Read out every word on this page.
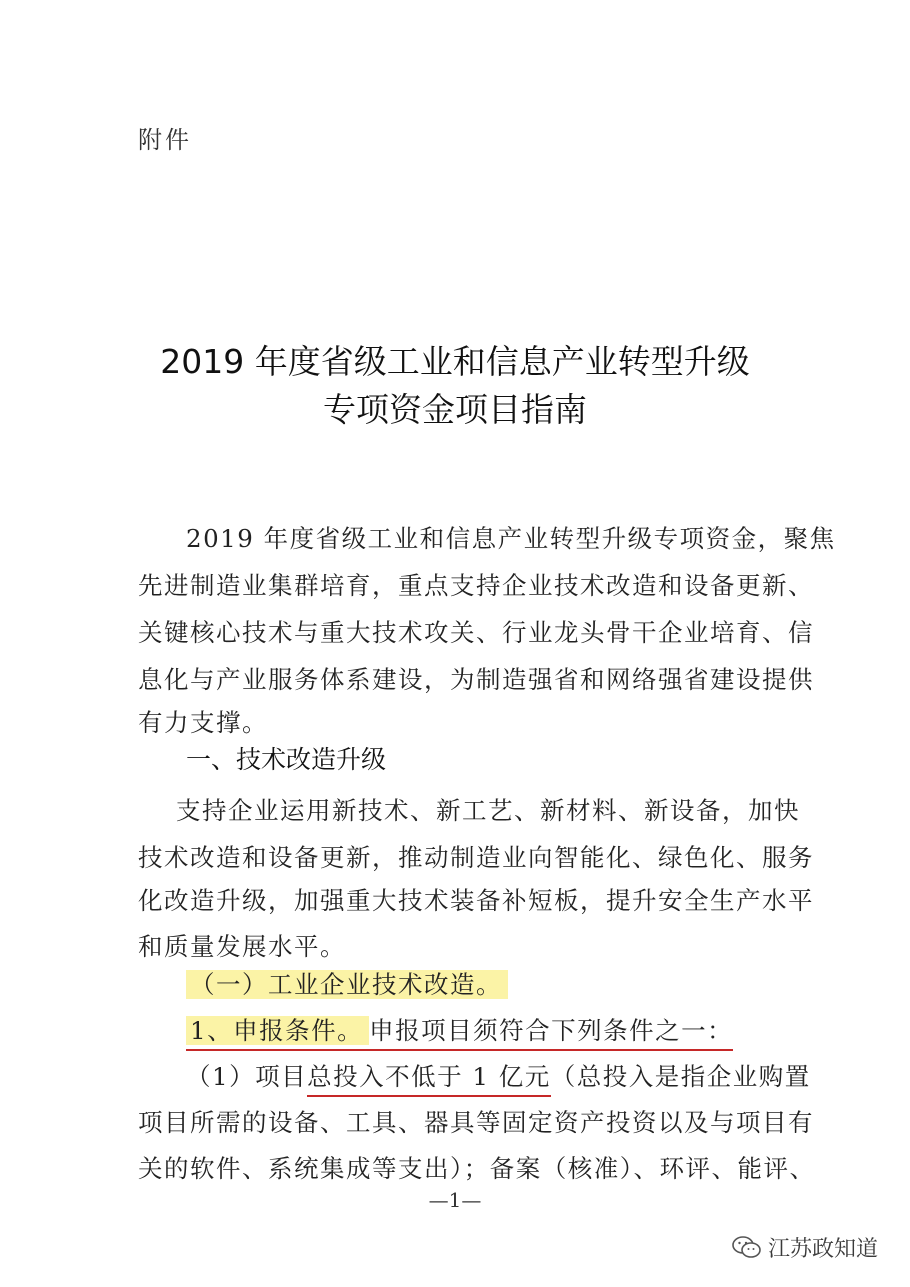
附件
2019 年度省级工业和信息产业转型升级
专项资金项目指南
2019 年度省级工业和信息产业转型升级专项资金，聚焦
先进制造业集群培育，重点支持企业技术改造和设备更新、
关键核心技术与重大技术攻关、行业龙头骨干企业培育、信
息化与产业服务体系建设，为制造强省和网络强省建设提供
有力支撑。
一、技术改造升级
支持企业运用新技术、新工艺、新材料、新设备，加快
技术改造和设备更新，推动制造业向智能化、绿色化、服务
化改造升级，加强重大技术装备补短板，提升安全生产水平
和质量发展水平。
（一）工业企业技术改造。
1、申报条件。 申报项目须符合下列条件之一：
（1）项目总投入不低于 1 亿元（总投入是指企业购置
项目所需的设备、工具、器具等固定资产投资以及与项目有
关的软件、系统集成等支出）；备案（核准）、环评、能评、
—1—
江苏政知道
